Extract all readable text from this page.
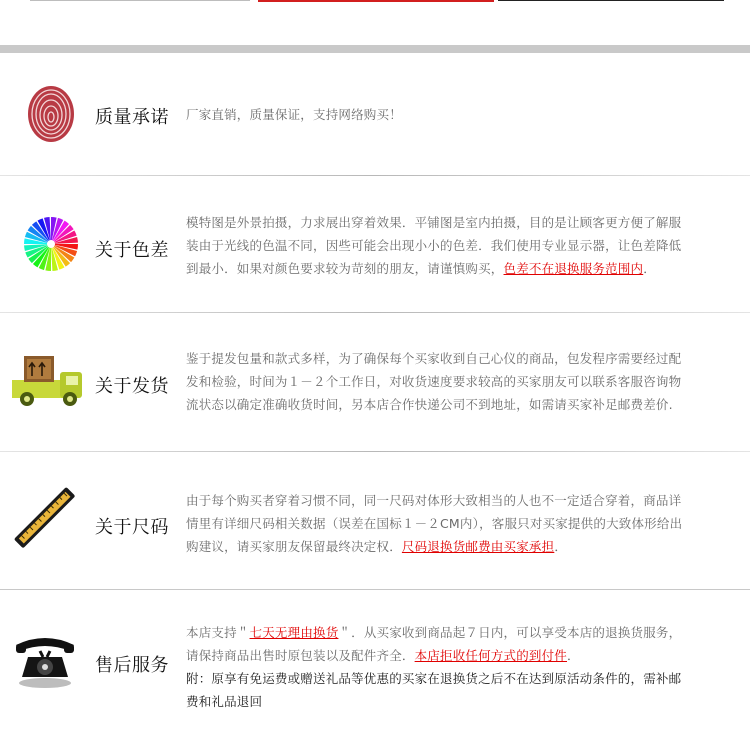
质量承诺 厂家直销，质量保证，支持网络购买！
关于色差
模特图是外景拍摄，力求展出穿着效果．平铺图是室内拍摄，目的是让顾客更方便了解服装由于光线的色温不同，因些可能会出现小小的色差．我们使用专业显示器，让色差降低到最小．如果对颜色要求较为苛刻的朋友，请谨慎购买，色差不在退换服务范围内．
关于发货
鉴于提发包量和款式多样，为了确保每个买家收到自己心仪的商品，包发程序需要经过配发和检验，时间为１－２个工作日，对收货速度要求较高的买家朋友可以联系客服咨询物流状态以确定准确收货时间，另本店合作快递公司不到地址，如需请买家补足邮费差价.
关于尺码
由于每个购买者穿着习惯不同，同一尺码对体形大致相当的人也不一定适合穿着，商品详情里有详细尺码相关数据（误差在国标１－２CM内），客服只对买家提供的大致体形给出购建议，请买家朋友保留最终决定权．尺码退换货邮费由买家承担．
售后服务
本店支持＂七天无理由换货＂．从买家收到商品起７日内，可以享受本店的退换货服务，请保持商品出售时原包装以及配件齐全．本店拒收任何方式的到付件．
附：原享有免运费或赠送礼品等优惠的买家在退换货之后不在达到原活动条件的，需补邮费和礼品退回
